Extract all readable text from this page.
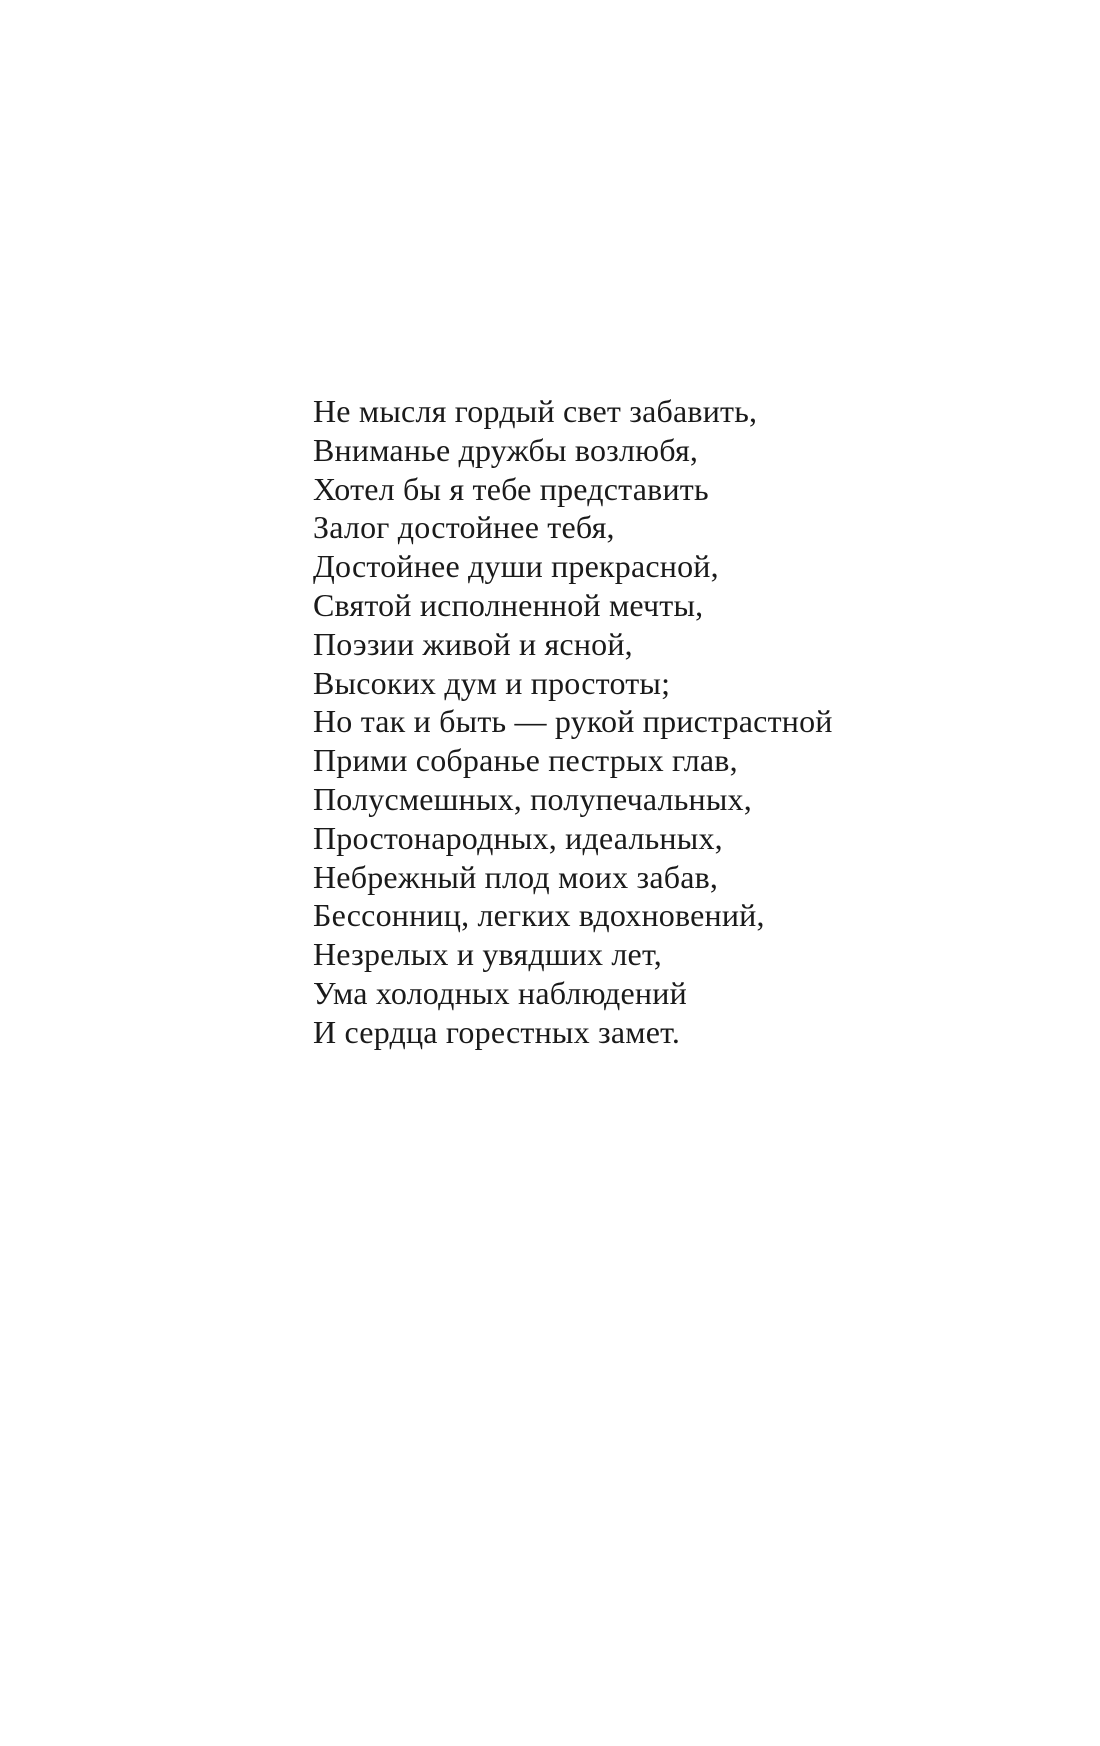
Не мысля гордый свет забавить,
Вниманье дружбы возлюбя,
Хотел бы я тебе представить
Залог достойнее тебя,
Достойнее души прекрасной,
Святой исполненной мечты,
Поэзии живой и ясной,
Высоких дум и простоты;
Но так и быть — рукой пристрастной
Прими собранье пестрых глав,
Полусмешных, полупечальных,
Простонародных, идеальных,
Небрежный плод моих забав,
Бессонниц, легких вдохновений,
Незрелых и увядших лет,
Ума холодных наблюдений
И сердца горестных замет.
